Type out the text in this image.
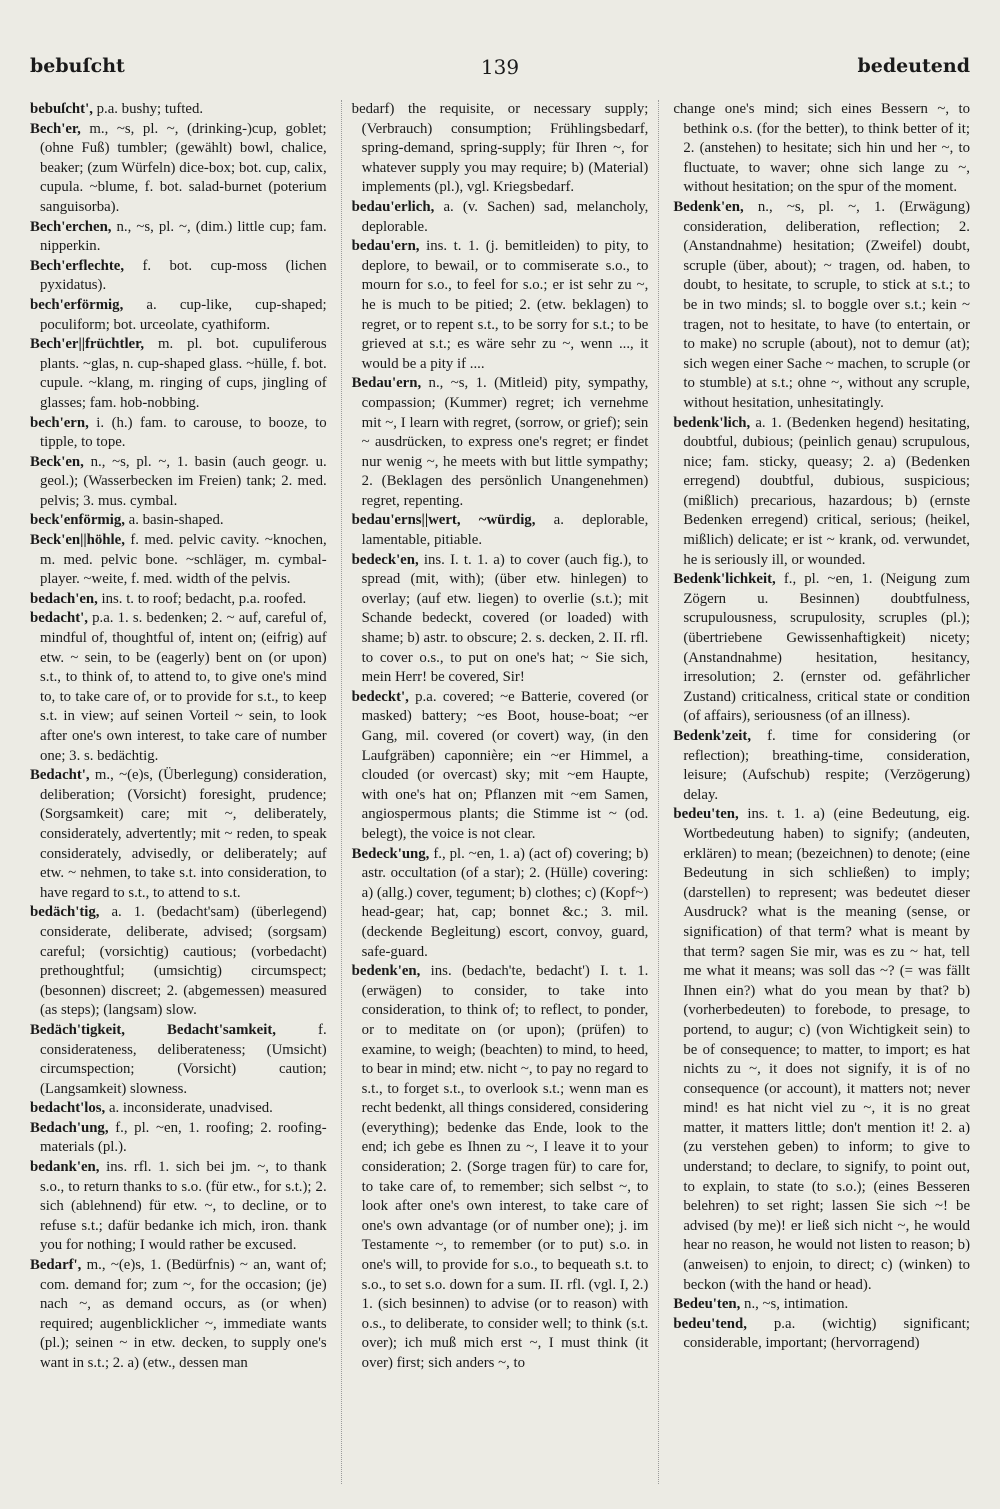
bebuſcht	139	bedeutend

bebuſcht', p.a. bushy; tufted.

Bech'er, m., ~s, pl. ~, (drinking-)cup, goblet; (ohne Fuß) tumbler; (gewählt) bowl, chalice, beaker; (zum Würfeln) dice-box; bot. cup, calix, cupula. ~blume, f. bot. salad-burnet (poterium sanguisorba).

Bech'erchen, n., ~s, pl. ~, (dim.) little cup; fam. nipperkin.

Bech'erflechte, f. bot. cup-moss (lichen pyxidatus).

bech'erförmig, a. cup-like, cup-shaped; poculiform; bot. urceolate, cyathiform.

Bech'er||früchtler, m. pl. bot. cupuliferous plants. ~glas, n. cup-shaped glass. ~hülle, f. bot. cupule. ~klang, m. ringing of cups, jingling of glasses; fam. hob-nobbing.

bech'ern, i. (h.) fam. to carouse, to booze, to tipple, to tope.

Beck'en, n., ~s, pl. ~, 1. basin (auch geogr. u. geol.); (Wasserbecken im Freien) tank; 2. med. pelvis; 3. mus. cymbal.

beck'enförmig, a. basin-shaped.

Beck'en||höhle, f. med. pelvic cavity. ~knochen, m. med. pelvic bone. ~schläger, m. cymbal-player. ~weite, f. med. width of the pelvis.

bedach'en, ins. t. to roof; bedacht, p.a. roofed.

bedacht', p.a. 1. s. bedenken; 2. ~ auf, careful of, mindful of, thoughtful of, intent on; (eifrig) auf etw. ~ sein, to be (eagerly) bent on (or upon) s.t., to think of, to attend to, to give one's mind to, to take care of, or to provide for s.t., to keep s.t. in view; auf seinen Vorteil ~ sein, to look after one's own interest, to take care of number one; 3. s. bedächtig.

Bedacht', m., ~(e)s, (Überlegung) consideration, deliberation; (Vorsicht) foresight, prudence; (Sorgsamkeit) care; mit ~, deliberately, considerately, advertently; mit ~ reden, to speak considerately, advisedly, or deliberately; auf etw. ~ nehmen, to take s.t. into consideration, to have regard to s.t., to attend to s.t.

bedäch'tig, a. 1. (bedacht'sam) (überlegend) considerate, deliberate, advised; (sorgsam) careful; (vorsichtig) cautious; (vorbedacht) prethoughtful; (umsichtig) circumspect; (besonnen) discreet; 2. (abgemessen) measured (as steps); (langsam) slow.

Bedäch'tigkeit, Bedacht'samkeit, f. considerateness, deliberateness; (Umsicht) circumspection; (Vorsicht) caution; (Langsamkeit) slowness.

bedacht'los, a. inconsiderate, unadvised.

Bedach'ung, f., pl. ~en, 1. roofing; 2. roofing-materials (pl.).

bedank'en, ins. rfl. 1. sich bei jm. ~, to thank s.o., to return thanks to s.o. (für etw., for s.t.); 2. sich (ablehnend) für etw. ~, to decline, or to refuse s.t.; dafür bedanke ich mich, iron. thank you for nothing; I would rather be excused.

Bedarf', m., ~(e)s, 1. (Bedürfnis) ~ an, want of; com. demand for; zum ~, for the occasion; (je) nach ~, as demand occurs, as (or when) required; augenblicklicher ~, immediate wants (pl.); seinen ~ in etw. decken, to supply one's want in s.t.; 2. a) (etw., dessen man

bedarf) the requisite, or necessary supply; (Verbrauch) consumption; Frühlingsbedarf, spring-demand, spring-supply; für Ihren ~, for whatever supply you may require; b) (Material) implements (pl.), vgl. Kriegsbedarf.

bedau'erlich, a. (v. Sachen) sad, melancholy, deplorable.

bedau'ern, ins. t. 1. (j. bemitleiden) to pity, to deplore, to bewail, or to commiserate s.o., to mourn for s.o., to feel for s.o.; er ist sehr zu ~, he is much to be pitied; 2. (etw. beklagen) to regret, or to repent s.t., to be sorry for s.t.; to be grieved at s.t.; es wäre sehr zu ~, wenn ..., it would be a pity if ....

Bedau'ern, n., ~s, 1. (Mitleid) pity, sympathy, compassion; (Kummer) regret; ich vernehme mit ~, I learn with regret, (sorrow, or grief); sein ~ ausdrücken, to express one's regret; er findet nur wenig ~, he meets with but little sympathy; 2. (Beklagen des persönlich Unangenehmen) regret, repenting.

bedau'erns||wert, ~würdig, a. deplorable, lamentable, pitiable.

bedeck'en, ins. I. t. 1. a) to cover (auch fig.), to spread (mit, with); (über etw. hinlegen) to overlay; (auf etw. liegen) to overlie (s.t.); mit Schande bedeckt, covered (or loaded) with shame; b) astr. to obscure; 2. s. decken, 2. II. rfl. to cover o.s., to put on one's hat; ~ Sie sich, mein Herr! be covered, Sir!

bedeckt', p.a. covered; ~e Batterie, covered (or masked) battery; ~es Boot, house-boat; ~er Gang, mil. covered (or covert) way, (in den Laufgräben) caponnière; ein ~er Himmel, a clouded (or overcast) sky; mit ~em Haupte, with one's hat on; Pflanzen mit ~em Samen, angiospermous plants; die Stimme ist ~ (od. belegt), the voice is not clear.

Bedeck'ung, f., pl. ~en, 1. a) (act of) covering; b) astr. occultation (of a star); 2. (Hülle) covering: a) (allg.) cover, tegument; b) clothes; c) (Kopf~) head-gear; hat, cap; bonnet &c.; 3. mil. (deckende Begleitung) escort, convoy, guard, safe-guard.

bedenk'en, ins. (bedach'te, bedacht') I. t. 1. (erwägen) to consider, to take into consideration, to think of; to reflect, to ponder, or to meditate on (or upon); (prüfen) to examine, to weigh; (beachten) to mind, to heed, to bear in mind; etw. nicht ~, to pay no regard to s.t., to forget s.t., to overlook s.t.; wenn man es recht bedenkt, all things considered, considering (everything); bedenke das Ende, look to the end; ich gebe es Ihnen zu ~, I leave it to your consideration; 2. (Sorge tragen für) to care for, to take care of, to remember; sich selbst ~, to look after one's own interest, to take care of one's own advantage (or of number one); j. im Testamente ~, to remember (or to put) s.o. in one's will, to provide for s.o., to bequeath s.t. to s.o., to set s.o. down for a sum. II. rfl. (vgl. I, 2.) 1. (sich besinnen) to advise (or to reason) with o.s., to deliberate, to consider well; to think (s.t. over); ich muß mich erst ~, I must think (it over) first; sich anders ~, to

change one's mind; sich eines Bessern ~, to bethink o.s. (for the better), to think better of it; 2. (anstehen) to hesitate; sich hin und her ~, to fluctuate, to waver; ohne sich lange zu ~, without hesitation; on the spur of the moment.

Bedenk'en, n., ~s, pl. ~, 1. (Erwägung) consideration, deliberation, reflection; 2. (Anstandnahme) hesitation; (Zweifel) doubt, scruple (über, about); ~ tragen, od. haben, to doubt, to hesitate, to scruple, to stick at s.t.; to be in two minds; sl. to boggle over s.t.; kein ~ tragen, not to hesitate, to have (to entertain, or to make) no scruple (about), not to demur (at); sich wegen einer Sache ~ machen, to scruple (or to stumble) at s.t.; ohne ~, without any scruple, without hesitation, unhesitatingly.

bedenk'lich, a. 1. (Bedenken hegend) hesitating, doubtful, dubious; (peinlich genau) scrupulous, nice; fam. sticky, queasy; 2. a) (Bedenken erregend) doubtful, dubious, suspicious; (mißlich) precarious, hazardous; b) (ernste Bedenken erregend) critical, serious; (heikel, mißlich) delicate; er ist ~ krank, od. verwundet, he is seriously ill, or wounded.

Bedenk'lichkeit, f., pl. ~en, 1. (Neigung zum Zögern u. Besinnen) doubtfulness, scrupulousness, scrupulosity, scruples (pl.); (übertriebene Gewissenhaftigkeit) nicety; (Anstandnahme) hesitation, hesitancy, irresolution; 2. (ernster od. gefährlicher Zustand) criticalness, critical state or condition (of affairs), seriousness (of an illness).

Bedenk'zeit, f. time for considering (or reflection); breathing-time, consideration, leisure; (Aufschub) respite; (Verzögerung) delay.

bedeu'ten, ins. t. 1. a) (eine Bedeutung, eig. Wortbedeutung haben) to signify; (andeuten, erklären) to mean; (bezeichnen) to denote; (eine Bedeutung in sich schließen) to imply; (darstellen) to represent; was bedeutet dieser Ausdruck? what is the meaning (sense, or signification) of that term? what is meant by that term? sagen Sie mir, was es zu ~ hat, tell me what it means; was soll das ~? (= was fällt Ihnen ein?) what do you mean by that? b) (vorherbedeuten) to forebode, to presage, to portend, to augur; c) (von Wichtigkeit sein) to be of consequence; to matter, to import; es hat nichts zu ~, it does not signify, it is of no consequence (or account), it matters not; never mind! es hat nicht viel zu ~, it is no great matter, it matters little; don't mention it! 2. a) (zu verstehen geben) to inform; to give to understand; to declare, to signify, to point out, to explain, to state (to s.o.); (eines Besseren belehren) to set right; lassen Sie sich ~! be advised (by me)! er ließ sich nicht ~, he would hear no reason, he would not listen to reason; b) (anweisen) to enjoin, to direct; c) (winken) to beckon (with the hand or head).

Bedeu'ten, n., ~s, intimation.

bedeu'tend, p.a. (wichtig) significant; considerable, important; (hervorragend)
